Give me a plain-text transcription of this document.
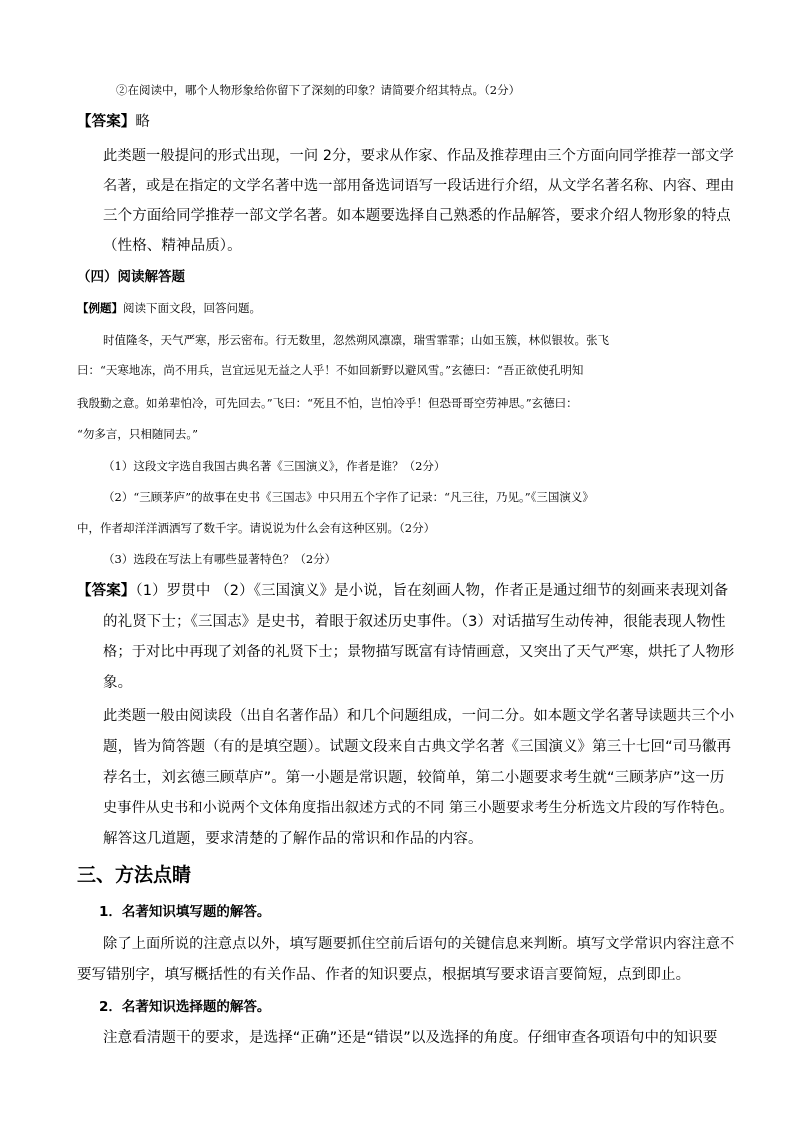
②在阅读中，哪个人物形象给你留下了深刻的印象？请简要介绍其特点。（2分）
【答案】略
此类题一般提问的形式出现，一问 2分，要求从作家、作品及推荐理由三个方面向同学推荐一部文学
名著，或是在指定的文学名著中选一部用备选词语写一段话进行介绍，从文学名著名称、内容、理由
三个方面给同学推荐一部文学名著。如本题要选择自己熟悉的作品解答，要求介绍人物形象的特点
（性格、精神品质）。
（四）阅读解答题
【例题】阅读下面文段，回答问题。
时值隆冬，天气严寒，彤云密布。行无数里，忽然朔风凛凛，瑞雪霏霏；山如玉簇，林似银妆。张飞
曰：“天寒地冻，尚不用兵，岂宜远见无益之人乎！不如回新野以避风雪。”玄德曰：“吾正欲使孔明知
我殷勤之意。如弟辈怕冷，可先回去。”飞曰：“死且不怕，岂怕冷乎！但恐哥哥空劳神思。”玄德曰：
“勿多言，只相随同去。”
（1）这段文字选自我国古典名著《三国演义》，作者是谁？（2分）
（2）“三顾茅庐”的故事在史书《三国志》中只用五个字作了记录：“凡三往，乃见。”《三国演义》
中，作者却洋洋洒洒写了数千字。请说说为什么会有这种区别。（2分）
（3）选段在写法上有哪些显著特色？（2分）
【答案】（1）罗贯中 （2）《三国演义》是小说，旨在刻画人物，作者正是通过细节的刻画来表现刘备
的礼贤下士；《三国志》是史书，着眼于叙述历史事件。（3）对话描写生动传神，很能表现人物性
格；于对比中再现了刘备的礼贤下士；景物描写既富有诗情画意，又突出了天气严寒，烘托了人物形
象。
此类题一般由阅读段（出自名著作品）和几个问题组成，一问二分。如本题文学名著导读题共三个小
题，皆为简答题（有的是填空题）。试题文段来自古典文学名著《三国演义》第三十七回“司马徽再
荐名士，刘玄德三顾草庐”。第一小题是常识题，较简单，第二小题要求考生就“三顾茅庐”这一历
史事件从史书和小说两个文体角度指出叙述方式的不同 第三小题要求考生分析选文片段的写作特色。
解答这几道题，要求清楚的了解作品的常识和作品的内容。
三、方法点睛
1．名著知识填写题的解答。
除了上面所说的注意点以外，填写题要抓住空前后语句的关键信息来判断。填写文学常识内容注意不
要写错别字，填写概括性的有关作品、作者的知识要点，根据填写要求语言要简短，点到即止。
2．名著知识选择题的解答。
注意看清题干的要求，是选择“正确”还是“错误”以及选择的角度。仔细审查各项语句中的知识要
